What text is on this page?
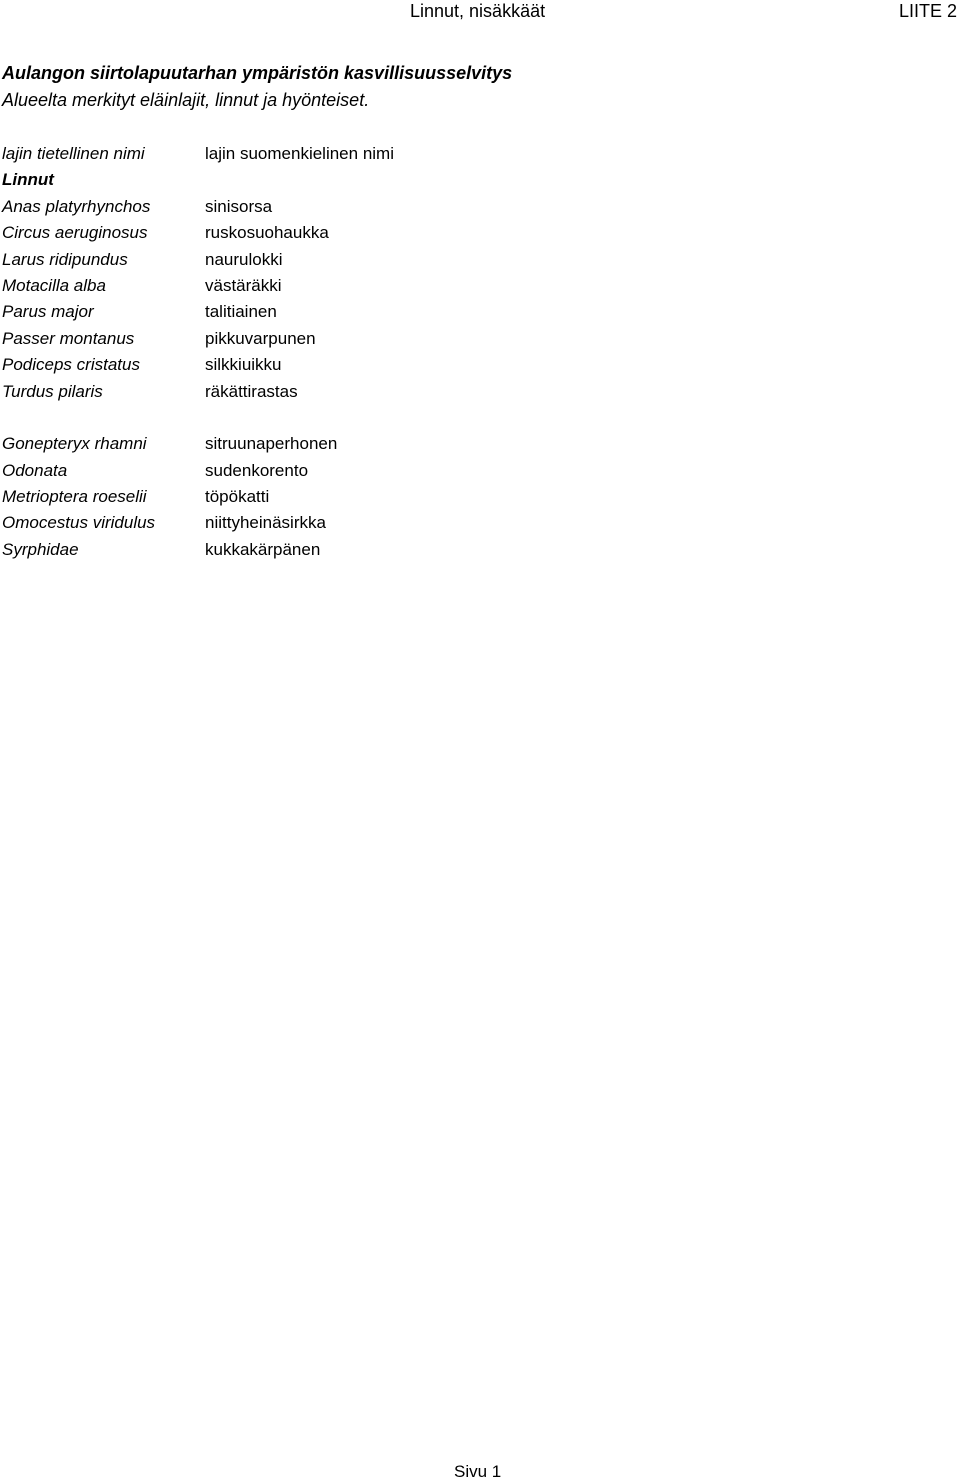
Linnut, nisäkkäät	LIITE 2
Aulangon siirtolapuutarhan ympäristön kasvillisuusselvitys
Alueelta merkityt eläinlajit, linnut ja hyönteiset.
lajin tietellinen nimi
Linnut
Anas platyrhynchos
Circus aeruginosus
Larus ridipundus
Motacilla alba
Parus major
Passer montanus
Podiceps cristatus
Turdus pilaris
Gonepteryx rhamni
Odonata
Metrioptera roeselii
Omocestus viridulus
Syrphidae
lajin suomenkielinen nimi
sinisorsa
ruskosuohaukka
naurulokki
västäräkki
talitiainen
pikkuvarpunen
silkkiuikku
räkättirastas
sitruunaperhonen
sudenkorento
töpökatti
niittyheinäsirkka
kukkakärpänen
Sivu 1
